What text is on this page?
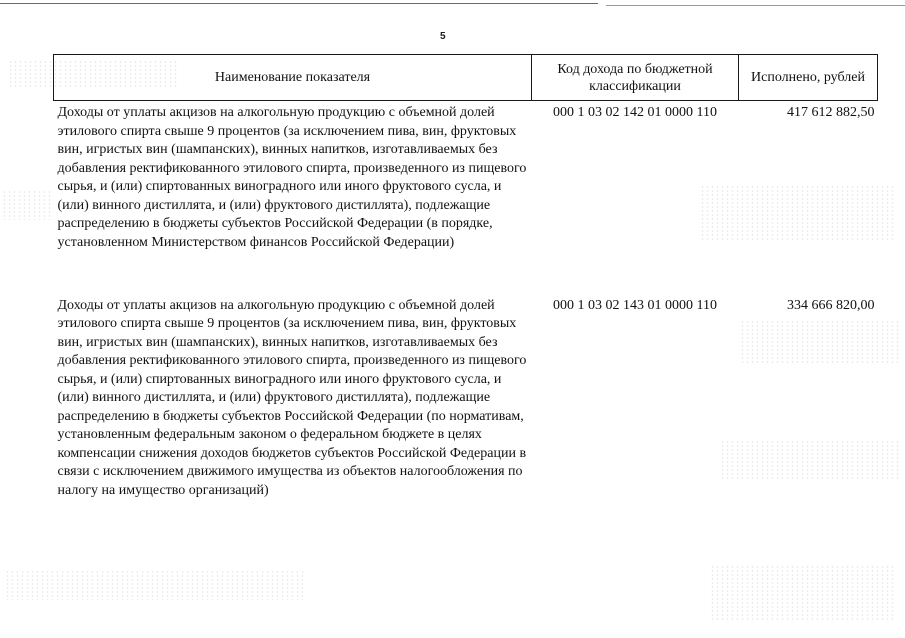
5
Наименование показателя	Код дохода по бюджетной классификации	Исполнено, рублей
Доходы от уплаты акцизов на алкогольную продукцию с объемной долей этилового спирта свыше 9 процентов (за исключением пива, вин, фруктовых вин, игристых вин (шампанских), винных напитков, изготавливаемых без добавления ректификованного этилового спирта, произведенного из пищевого сырья, и (или) спиртованных виноградного или иного фруктового сусла, и (или) винного дистиллята, и (или) фруктового дистиллята), подлежащие распределению в бюджеты субъектов Российской Федерации (в порядке, установленном Министерством финансов Российской Федерации)	000 1 03 02 142 01 0000 110	417 612 882,50
Доходы от уплаты акцизов на алкогольную продукцию с объемной долей этилового спирта свыше 9 процентов (за исключением пива, вин, фруктовых вин, игристых вин (шампанских), винных напитков, изготавливаемых без добавления ректификованного этилового спирта, произведенного из пищевого сырья, и (или) спиртованных виноградного или иного фруктового сусла, и (или) винного дистиллята, и (или) фруктового дистиллята), подлежащие распределению в бюджеты субъектов Российской Федерации (по нормативам, установленным федеральным законом о федеральном бюджете в целях компенсации снижения доходов бюджетов субъектов Российской Федерации в связи с исключением движимого имущества из объектов налогообложения по налогу на имущество организаций)	000 1 03 02 143 01 0000 110	334 666 820,00
